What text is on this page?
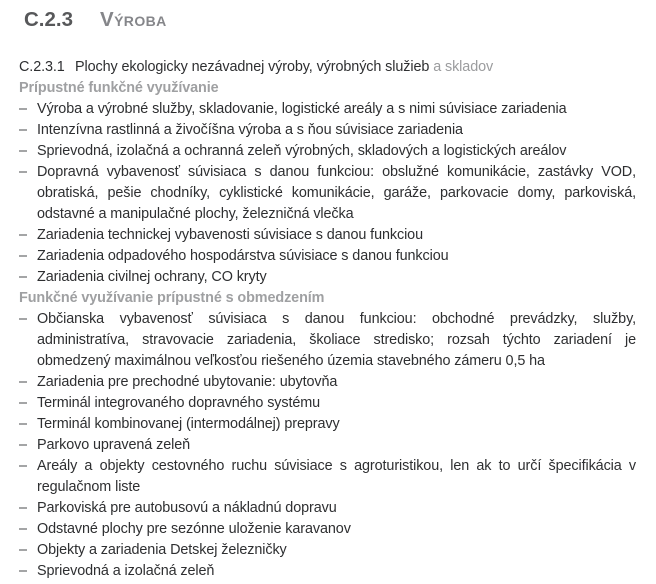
C.2.3 Výroba
C.2.3.1 Plochy ekologicky nezávadnej výroby, výrobných služieb a skladov
Prípustné funkčné využívanie
– Výroba a výrobné služby, skladovanie, logistické areály a s nimi súvisiace zariadenia
– Intenzívna rastlinná a živočíšna výroba a s ňou súvisiace zariadenia
– Sprievodná, izolačná a ochranná zeleň výrobných, skladových a logistických areálov
– Dopravná vybavenosť súvisiaca s danou funkciou: obslužné komunikácie, zastávky VOD, obratiská, pešie chodníky, cyklistické komunikácie, garáže, parkovacie domy, parkoviská, odstavné a manipulačné plochy, železničná vlečka
– Zariadenia technickej vybavenosti súvisiace s danou funkciou
– Zariadenia odpadového hospodárstva súvisiace s danou funkciou
– Zariadenia civilnej ochrany, CO kryty
Funkčné využívanie prípustné s obmedzením
– Občianska vybavenosť súvisiaca s danou funkciou: obchodné prevádzky, služby, administratíva, stravovacie zariadenia, školiace stredisko; rozsah týchto zariadení je obmedzený maximálnou veľkosťou riešeného územia stavebného zámeru 0,5 ha
– Zariadenia pre prechodné ubytovanie: ubytovňa
– Terminál integrovaného dopravného systému
– Terminál kombinovanej (intermodálnej) prepravy
– Parkovo upravená zeleň
– Areály a objekty cestovného ruchu súvisiace s agroturistikou, len ak to určí špecifikácia v regulačnom liste
– Parkoviská pre autobusovú a nákladnú dopravu
– Odstavné plochy pre sezónne uloženie karavanov
– Objekty a zariadenia Detskej železničky
– Sprievodná a izolačná zeleň
